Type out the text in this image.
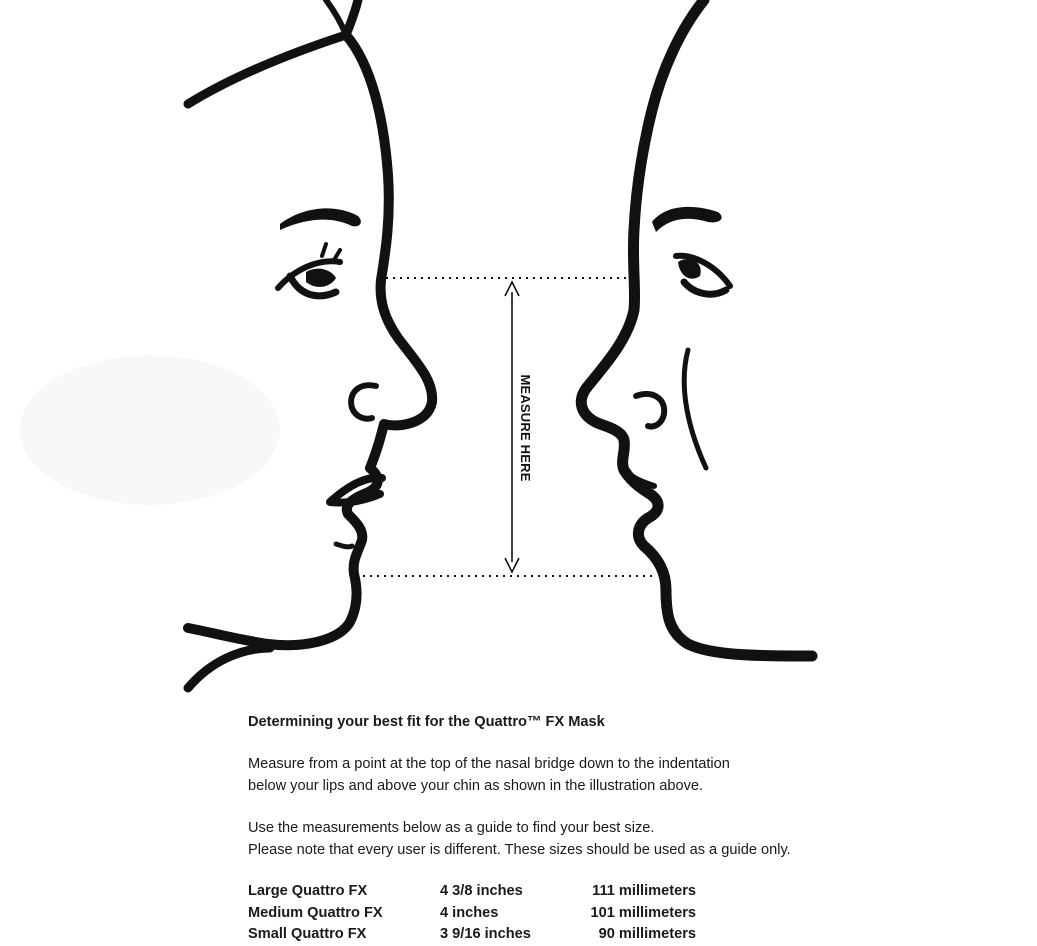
MEASURE HERE

Determining your best fit for the Quattro™ FX Mask

Measure from a point at the top of the nasal bridge down to the indentation
below your lips and above your chin as shown in the illustration above.

Use the measurements below as a guide to find your best size.
Please note that every user is different. These sizes should be used as a guide only.

Large Quattro FX	4 3/8 inches	111 millimeters
Medium Quattro FX	4 inches	101 millimeters
Small Quattro FX	3 9/16 inches	90 millimeters
